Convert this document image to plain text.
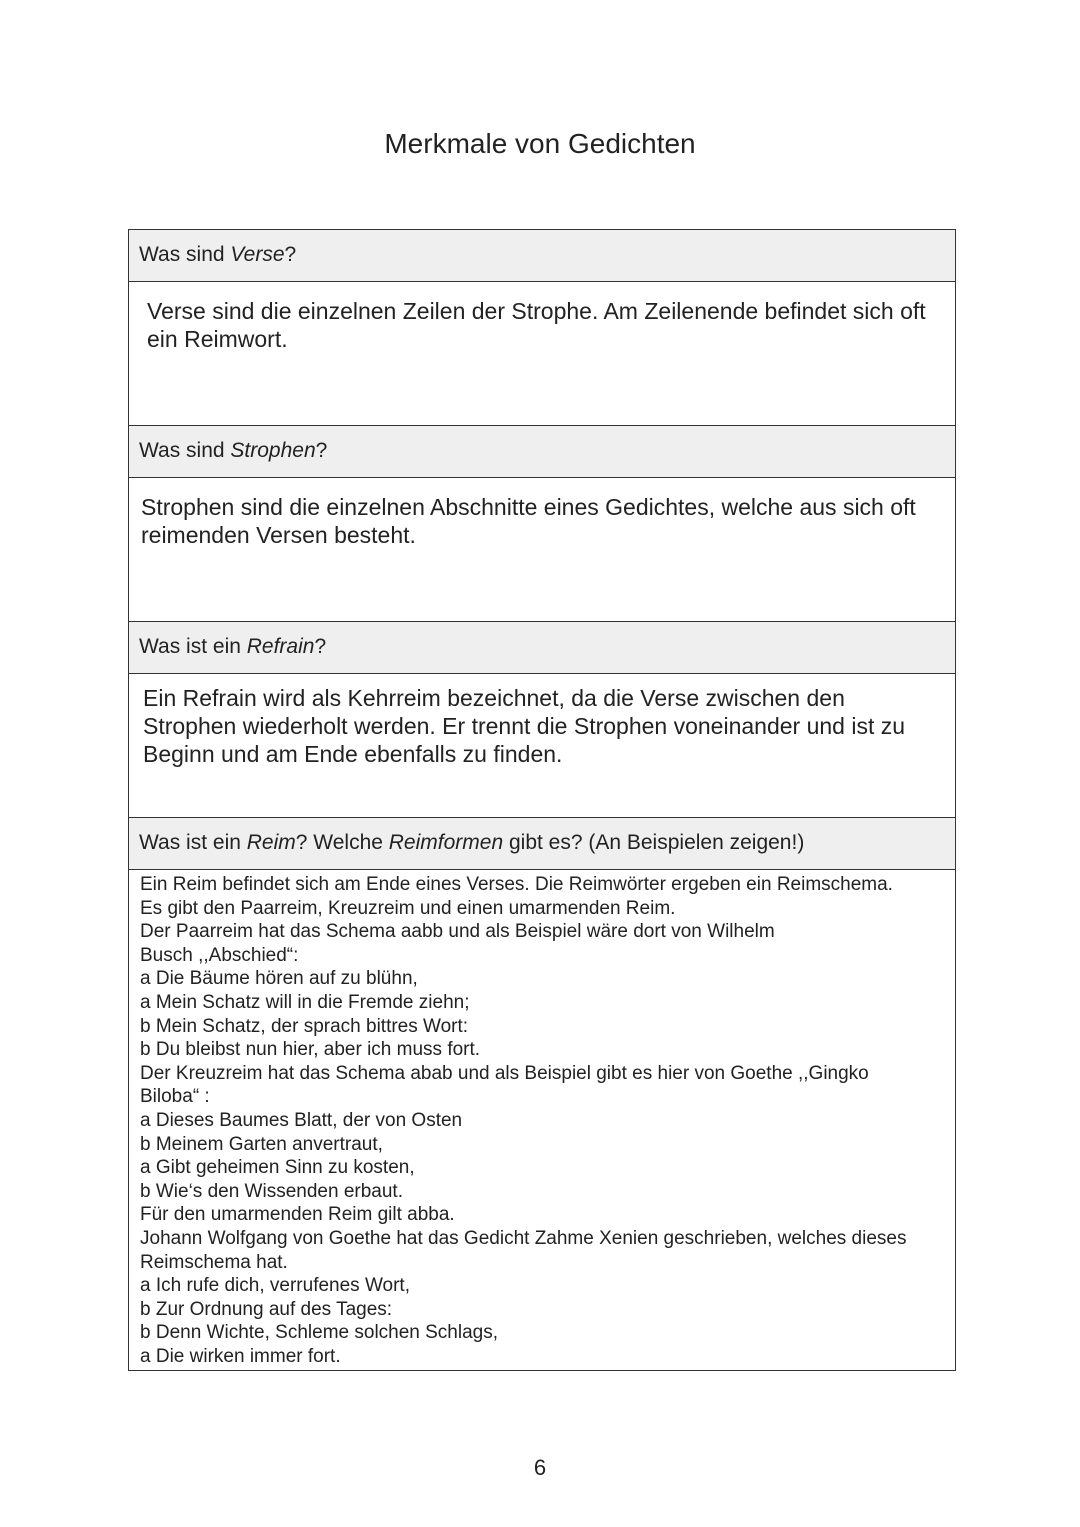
Merkmale von Gedichten
Was sind Verse?
Verse sind die einzelnen Zeilen der Strophe. Am Zeilenende befindet sich oft ein Reimwort.
Was sind Strophen?
Strophen sind die einzelnen Abschnitte eines Gedichtes, welche aus sich oft reimenden Versen besteht.
Was ist ein Refrain?
Ein Refrain wird als Kehrreim bezeichnet, da die Verse zwischen den Strophen wiederholt werden. Er trennt die Strophen voneinander und ist zu Beginn und am Ende ebenfalls zu finden.
Was ist ein Reim? Welche Reimformen gibt es? (An Beispielen zeigen!)
Ein Reim befindet sich am Ende eines Verses. Die Reimwörter ergeben ein Reimschema.
Es gibt den Paarreim, Kreuzreim und einen umarmenden Reim.
Der Paarreim hat das Schema aabb und als Beispiel wäre dort von Wilhelm
Busch ,,Abschied“:
a Die Bäume hören auf zu blühn,
a Mein Schatz will in die Fremde ziehn;
b Mein Schatz, der sprach bittres Wort:
b Du bleibst nun hier, aber ich muss fort.
Der Kreuzreim hat das Schema abab und als Beispiel gibt es hier von Goethe ,,Gingko
Biloba“ :
a Dieses Baumes Blatt, der von Osten
b Meinem Garten anvertraut,
a Gibt geheimen Sinn zu kosten,
b Wie‘s den Wissenden erbaut.
Für den umarmenden Reim gilt abba.
Johann Wolfgang von Goethe hat das Gedicht Zahme Xenien geschrieben, welches dieses
Reimschema hat.
a Ich rufe dich, verrufenes Wort,
b Zur Ordnung auf des Tages:
b Denn Wichte, Schleme solchen Schlags,
a Die wirken immer fort.
6
